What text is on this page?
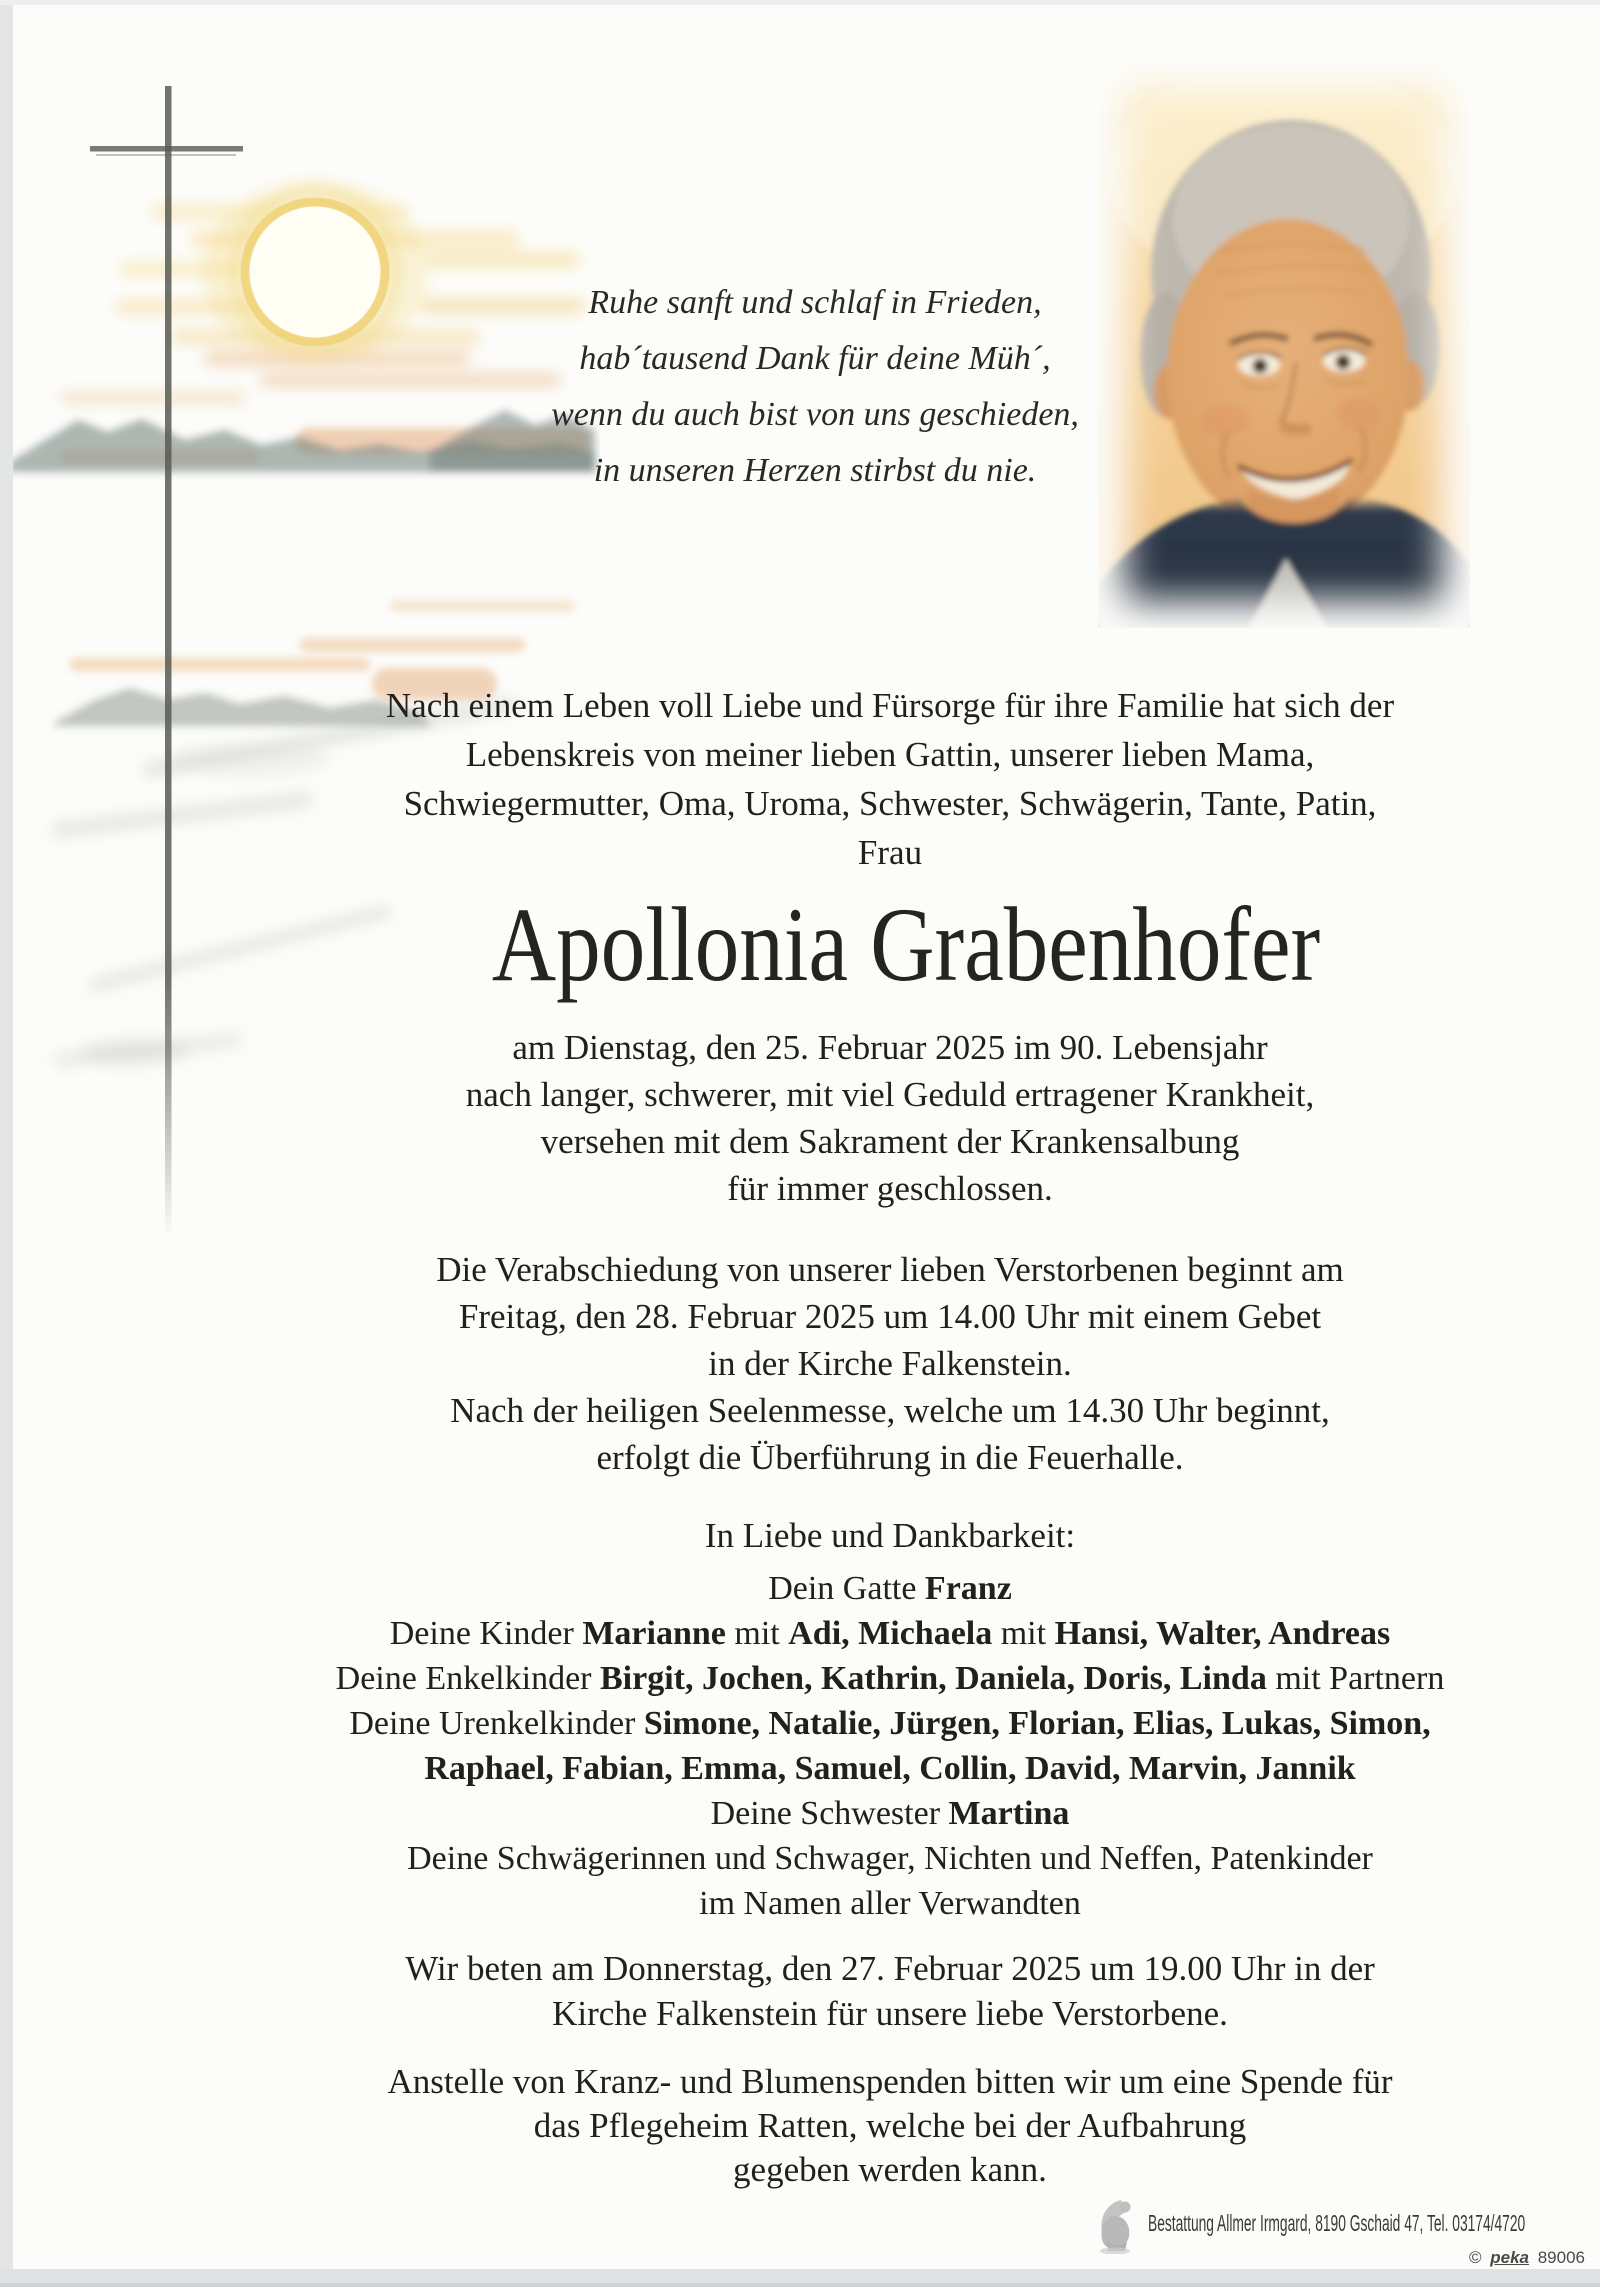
Ruhe sanft und schlaf in Frieden,
hab´tausend Dank für deine Müh´,
wenn du auch bist von uns geschieden,
in unseren Herzen stirbst du nie.
Nach einem Leben voll Liebe und Fürsorge für ihre Familie hat sich der
Lebenskreis von meiner lieben Gattin, unserer lieben Mama,
Schwiegermutter, Oma, Uroma, Schwester, Schwägerin, Tante, Patin,
Frau
Apollonia Grabenhofer
am Dienstag, den 25. Februar 2025 im 90. Lebensjahr
nach langer, schwerer, mit viel Geduld ertragener Krankheit,
versehen mit dem Sakrament der Krankensalbung
für immer geschlossen.
Die Verabschiedung von unserer lieben Verstorbenen beginnt am
Freitag, den 28. Februar 2025 um 14.00 Uhr mit einem Gebet
in der Kirche Falkenstein.
Nach der heiligen Seelenmesse, welche um 14.30 Uhr beginnt,
erfolgt die Überführung in die Feuerhalle.
In Liebe und Dankbarkeit:
Dein Gatte Franz
Deine Kinder Marianne mit Adi, Michaela mit Hansi, Walter, Andreas
Deine Enkelkinder Birgit, Jochen, Kathrin, Daniela, Doris, Linda mit Partnern
Deine Urenkelkinder Simone, Natalie, Jürgen, Florian, Elias, Lukas, Simon,
Raphael, Fabian, Emma, Samuel, Collin, David, Marvin, Jannik
Deine Schwester Martina
Deine Schwägerinnen und Schwager, Nichten und Neffen, Patenkinder
im Namen aller Verwandten
Wir beten am Donnerstag, den 27. Februar 2025 um 19.00 Uhr in der
Kirche Falkenstein für unsere liebe Verstorbene.
Anstelle von Kranz- und Blumenspenden bitten wir um eine Spende für
das Pflegeheim Ratten, welche bei der Aufbahrung
gegeben werden kann.
Bestattung Allmer Irmgard, 8190 Gschaid 47, Tel. 03174/4720
© peka 89006
